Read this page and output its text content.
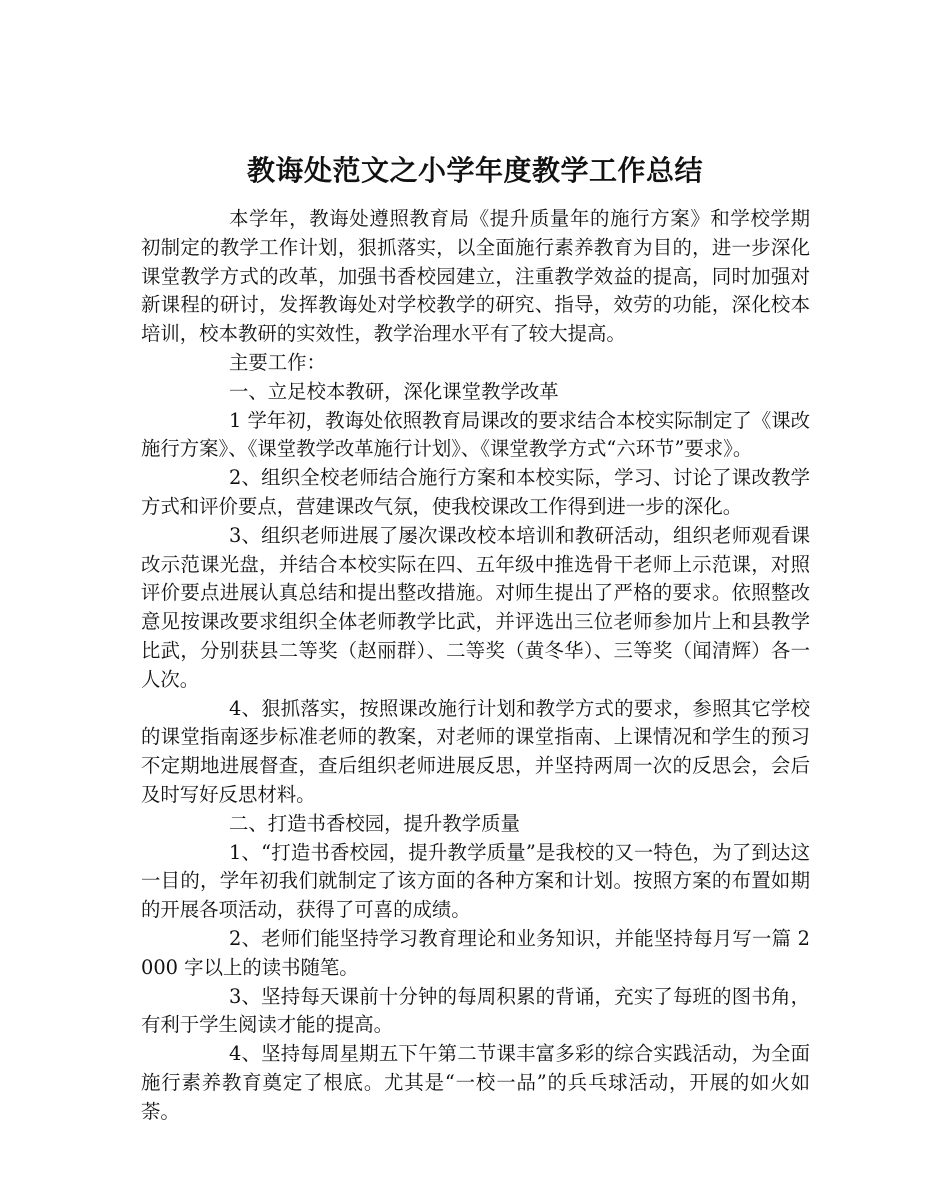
教诲处范文之小学年度教学工作总结

本学年，教诲处遵照教育局《提升质量年的施行方案》和学校学期初制定的教学工作计划，狠抓落实，以全面施行素养教育为目的，进一步深化课堂教学方式的改革，加强书香校园建立，注重教学效益的提高，同时加强对新课程的研讨，发挥教诲处对学校教学的研究、指导，效劳的功能，深化校本培训，校本教研的实效性，教学治理水平有了较大提高。

主要工作：

一、立足校本教研，深化课堂教学改革

1 学年初，教诲处依照教育局课改的要求结合本校实际制定了《课改施行方案》、《课堂教学改革施行计划》、《课堂教学方式“六环节”要求》。

2、组织全校老师结合施行方案和本校实际，学习、讨论了课改教学方式和评价要点，营建课改气氛，使我校课改工作得到进一步的深化。

3、组织老师进展了屡次课改校本培训和教研活动，组织老师观看课改示范课光盘，并结合本校实际在四、五年级中推选骨干老师上示范课，对照评价要点进展认真总结和提出整改措施。对师生提出了严格的要求。依照整改意见按课改要求组织全体老师教学比武，并评选出三位老师参加片上和县教学比武，分别获县二等奖（赵丽群）、二等奖（黄冬华）、三等奖（闻清辉）各一人次。

4、狠抓落实，按照课改施行计划和教学方式的要求，参照其它学校的课堂指南逐步标准老师的教案，对老师的课堂指南、上课情况和学生的预习不定期地进展督查，查后组织老师进展反思，并坚持两周一次的反思会，会后及时写好反思材料。

二、打造书香校园，提升教学质量

1、“打造书香校园，提升教学质量”是我校的又一特色，为了到达这一目的，学年初我们就制定了该方面的各种方案和计划。按照方案的布置如期的开展各项活动，获得了可喜的成绩。

2、老师们能坚持学习教育理论和业务知识，并能坚持每月写一篇 2000 字以上的读书随笔。

3、坚持每天课前十分钟的每周积累的背诵，充实了每班的图书角，有利于学生阅读才能的提高。

4、坚持每周星期五下午第二节课丰富多彩的综合实践活动，为全面施行素养教育奠定了根底。尤其是“一校一品”的兵乓球活动，开展的如火如荼。
